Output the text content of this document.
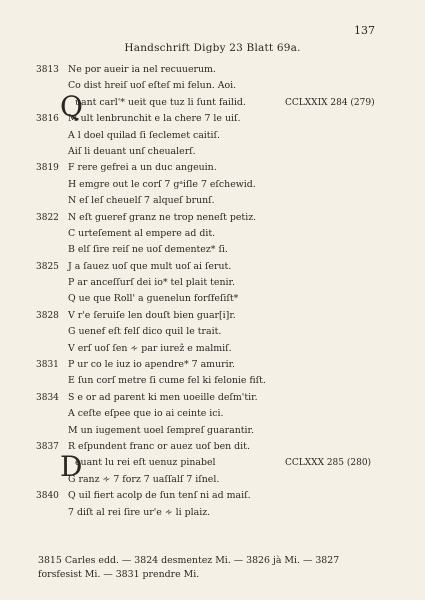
137
Handschrift Digby 23 Blatt 69a.
3813 Ne por aueir ia nel recuuerum.
Co dist hreiſ uoſ eſteſ mi felun. Aoi.
Q
uant carl'* ueit que tuz li ſunt failid.	CCLXXIX 284 (279)
3816 M ult lenbrunchit e la chere 7 le uiſ.
A l doel quilad ſi ſeclemet caitiſ.
Aiſ li deuant unſ cheualerſ.
3819 F rere gefrei a un duc angeuin.
H emgre out le corſ 7 gᵃiſle 7 eſchewid.
N eſ leſ cheuelſ 7 alqueſ brunſ.
3822 N eſt gueref granz ne trop neneſt petiz.
C urteſement al empere ad dit.
B elſ ſire reiſ ne uoſ dementez* ſi.
3825 J a ſauez uoſ que mult uoſ ai ſerut.
P ar anceſſurſ dei io* tel plait tenir.
Q ue que Roll' a guenelun forſfeſiſt*
3828 V r'e ſeruiſe len douſt bien guar[i]r.
G uenef eſt felſ dico quil le trait.
V erſ uoſ ſen ∻ par iureẑ e malmiſ.
3831 P ur co le iuz io apendre* 7 amurir.
E ſun corſ metre ſi cume fel ki felonie fiſt.
3834 S e or ad parent ki men uoeille deſm'tir.
A ceſte eſpee que io ai ceinte ici.
M un iugement uoel ſempreſ guarantir.
3837 R eſpundent franc or auez uoſ ben dit.
D
euant lu rei eſt uenuz pinabel	CCLXXX 285 (280)
G ranz ∻ 7 forz 7 uaſſalſ 7 iſnel.
3840 Q uil fiert acolp de ſun tenſ ni ad maiſ.
7 diſt al rei ſire ur'e ∻ li plaiz.
3815 Carles edd. — 3824 desmentez Mi. — 3826 jà Mi. — 3827
forsfesist Mi. — 3831 prendre Mi.
